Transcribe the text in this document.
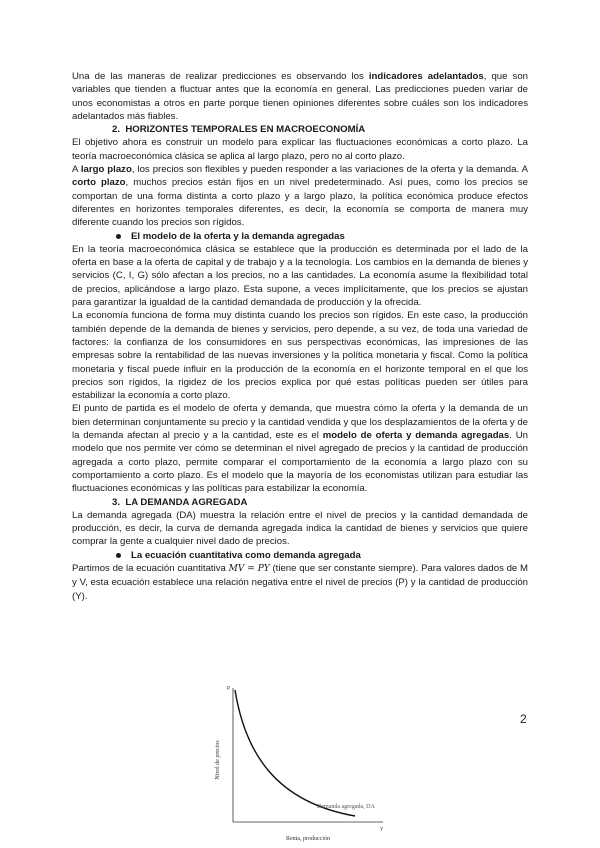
Una de las maneras de realizar predicciones es observando los indicadores adelantados, que son variables que tienden a fluctuar antes que la economía en general. Las predicciones pueden variar de unos economistas a otros en parte porque tienen opiniones diferentes sobre cuáles son los indicadores adelantados más fiables.

2.  HORIZONTES TEMPORALES EN MACROECONOMÍA

El objetivo ahora es construir un modelo para explicar las fluctuaciones económicas a corto plazo. La teoría macroeconómica clásica se aplica al largo plazo, pero no al corto plazo.

A largo plazo, los precios son flexibles y pueden responder a las variaciones de la oferta y la demanda. A corto plazo, muchos precios están fijos en un nivel predeterminado. Así pues, como los precios se comportan de una forma distinta a corto plazo y a largo plazo, la política económica produce efectos diferentes en horizontes temporales diferentes, es decir, la economía se comporta de manera muy diferente cuando los precios son rígidos.

El modelo de la oferta y la demanda agregadas

En la teoría macroeconómica clásica se establece que la producción es determinada por el lado de la oferta en base a la oferta de capital y de trabajo y a la tecnología. Los cambios en la demanda de bienes y servicios (C, I, G) sólo afectan a los precios, no a las cantidades. La economía asume la flexibilidad total de precios, aplicándose a largo plazo. Esta supone, a veces implícitamente, que los precios se ajustan para garantizar la igualdad de la cantidad demandada de producción y la ofrecida.

La economía funciona de forma muy distinta cuando los precios son rígidos. En este caso, la producción también depende de la demanda de bienes y servicios, pero depende, a su vez, de toda una variedad de factores: la confianza de los consumidores en sus perspectivas económicas, las impresiones de las empresas sobre la rentabilidad de las nuevas inversiones y la política monetaria y fiscal. Como la política monetaria y fiscal puede influir en la producción de la economía en el horizonte temporal en el que los precios son rígidos, la rigidez de los precios explica por qué estas políticas pueden ser útiles para estabilizar la economía a corto plazo.

El punto de partida es el modelo de oferta y demanda, que muestra cómo la oferta y la demanda de un bien determinan conjuntamente su precio y la cantidad vendida y que los desplazamientos de la oferta y de la demanda afectan al precio y a la cantidad, este es el modelo de oferta y demanda agregadas. Un modelo que nos permite ver cómo se determinan el nivel agregado de precios y la cantidad de producción agregada a corto plazo, permite comparar el comportamiento de la economía a largo plazo con su comportamiento a corto plazo. Es el modelo que la mayoría de los economistas utilizan para estudiar las fluctuaciones económicas y las políticas para estabilizar la economía.

3.  LA DEMANDA AGREGADA

La demanda agregada (DA) muestra la relación entre el nivel de precios y la cantidad demandada de producción, es decir, la curva de demanda agregada indica la cantidad de bienes y servicios que quiere comprar la gente a cualquier nivel dado de precios.

La ecuación cuantitativa como demanda agregada

Partimos de la ecuación cuantitativa MV = PY (tiene que ser constante siempre). Para valores dados de M y V, esta ecuación establece una relación negativa entre el nivel de precios (P) y la cantidad de producción (Y).

P
Y
Nivel de precios
Renta, producción
Demanda agregada, DA
2
